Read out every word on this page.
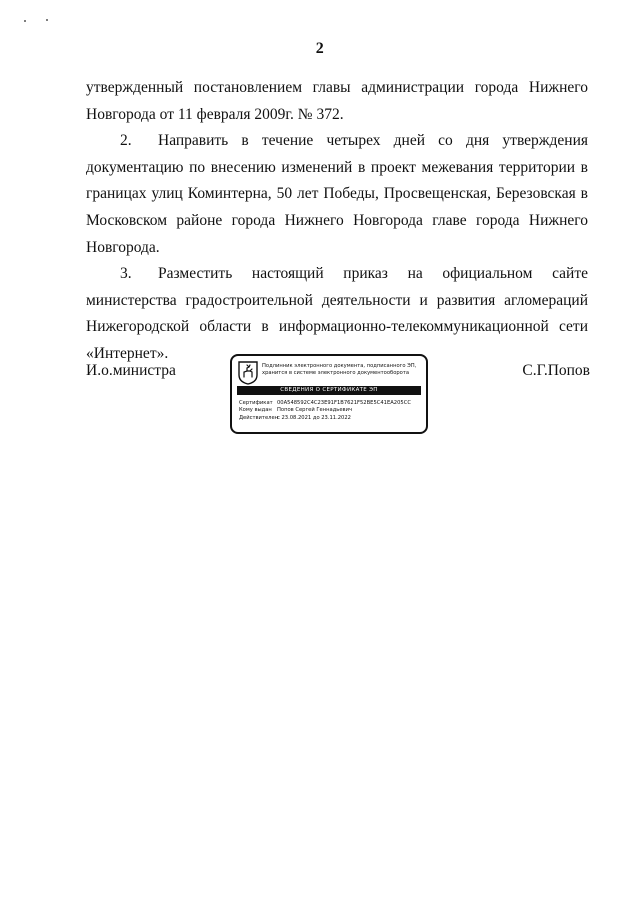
2

утвержденный постановлением главы администрации города Нижнего Новгорода от 11 февраля 2009г. № 372.

2. Направить в течение четырех дней со дня утверждения документацию по внесению изменений в проект межевания территории в границах улиц Коминтерна, 50 лет Победы, Просвещенская, Березовская в Московском районе города Нижнего Новгорода главе города Нижнего Новгорода.

3. Разместить настоящий приказ на официальном сайте министерства градостроительной деятельности и развития агломераций Нижегородской области в информационно-телекоммуникационной сети «Интернет».

И.о.министра	Подлинник электронного документа, подписанного ЭП, хранится в системе электронного документооборота
СВЕДЕНИЯ О СЕРТИФИКАТЕ ЭП
Сертификат 00A548592C4C23E91F1B7621F52BE5C41EA205CC
Кому выдан Попов Сергей Геннадьевич
Действителен
с 23.08.2021 до 23.11.2022
С.Г.Попов
